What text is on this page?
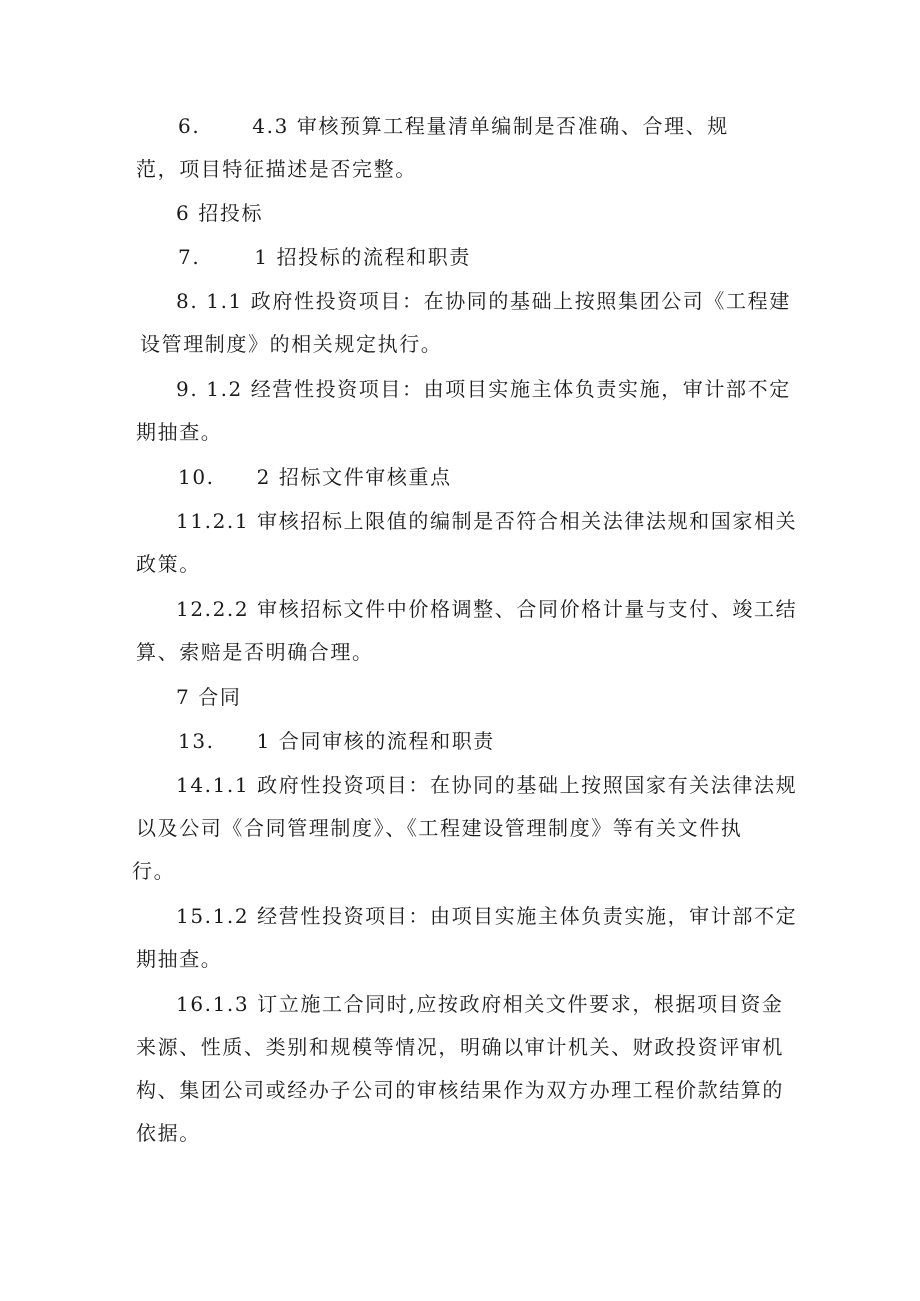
6.	4.3 审核预算工程量清单编制是否准确、合理、规
范，项目特征描述是否完整。
6 招投标
7.	1 招投标的流程和职责
8. 1.1 政府性投资项目：在协同的基础上按照集团公司《工程建
设管理制度》的相关规定执行。
9. 1.2 经营性投资项目：由项目实施主体负责实施，审计部不定
期抽查。
10. 2 招标文件审核重点
11.2.1 审核招标上限值的编制是否符合相关法律法规和国家相关
政策。
12.2.2 审核招标文件中价格调整、合同价格计量与支付、竣工结
算、索赔是否明确合理。
7 合同
13. 1 合同审核的流程和职责
14.1.1 政府性投资项目：在协同的基础上按照国家有关法律法规
以及公司《合同管理制度》、《工程建设管理制度》等有关文件执
行。
15.1.2 经营性投资项目：由项目实施主体负责实施，审计部不定
期抽查。
16.1.3 订立施工合同时,应按政府相关文件要求，根据项目资金
来源、性质、类别和规模等情况，明确以审计机关、财政投资评审机
构、集团公司或经办子公司的审核结果作为双方办理工程价款结算的
依据。
